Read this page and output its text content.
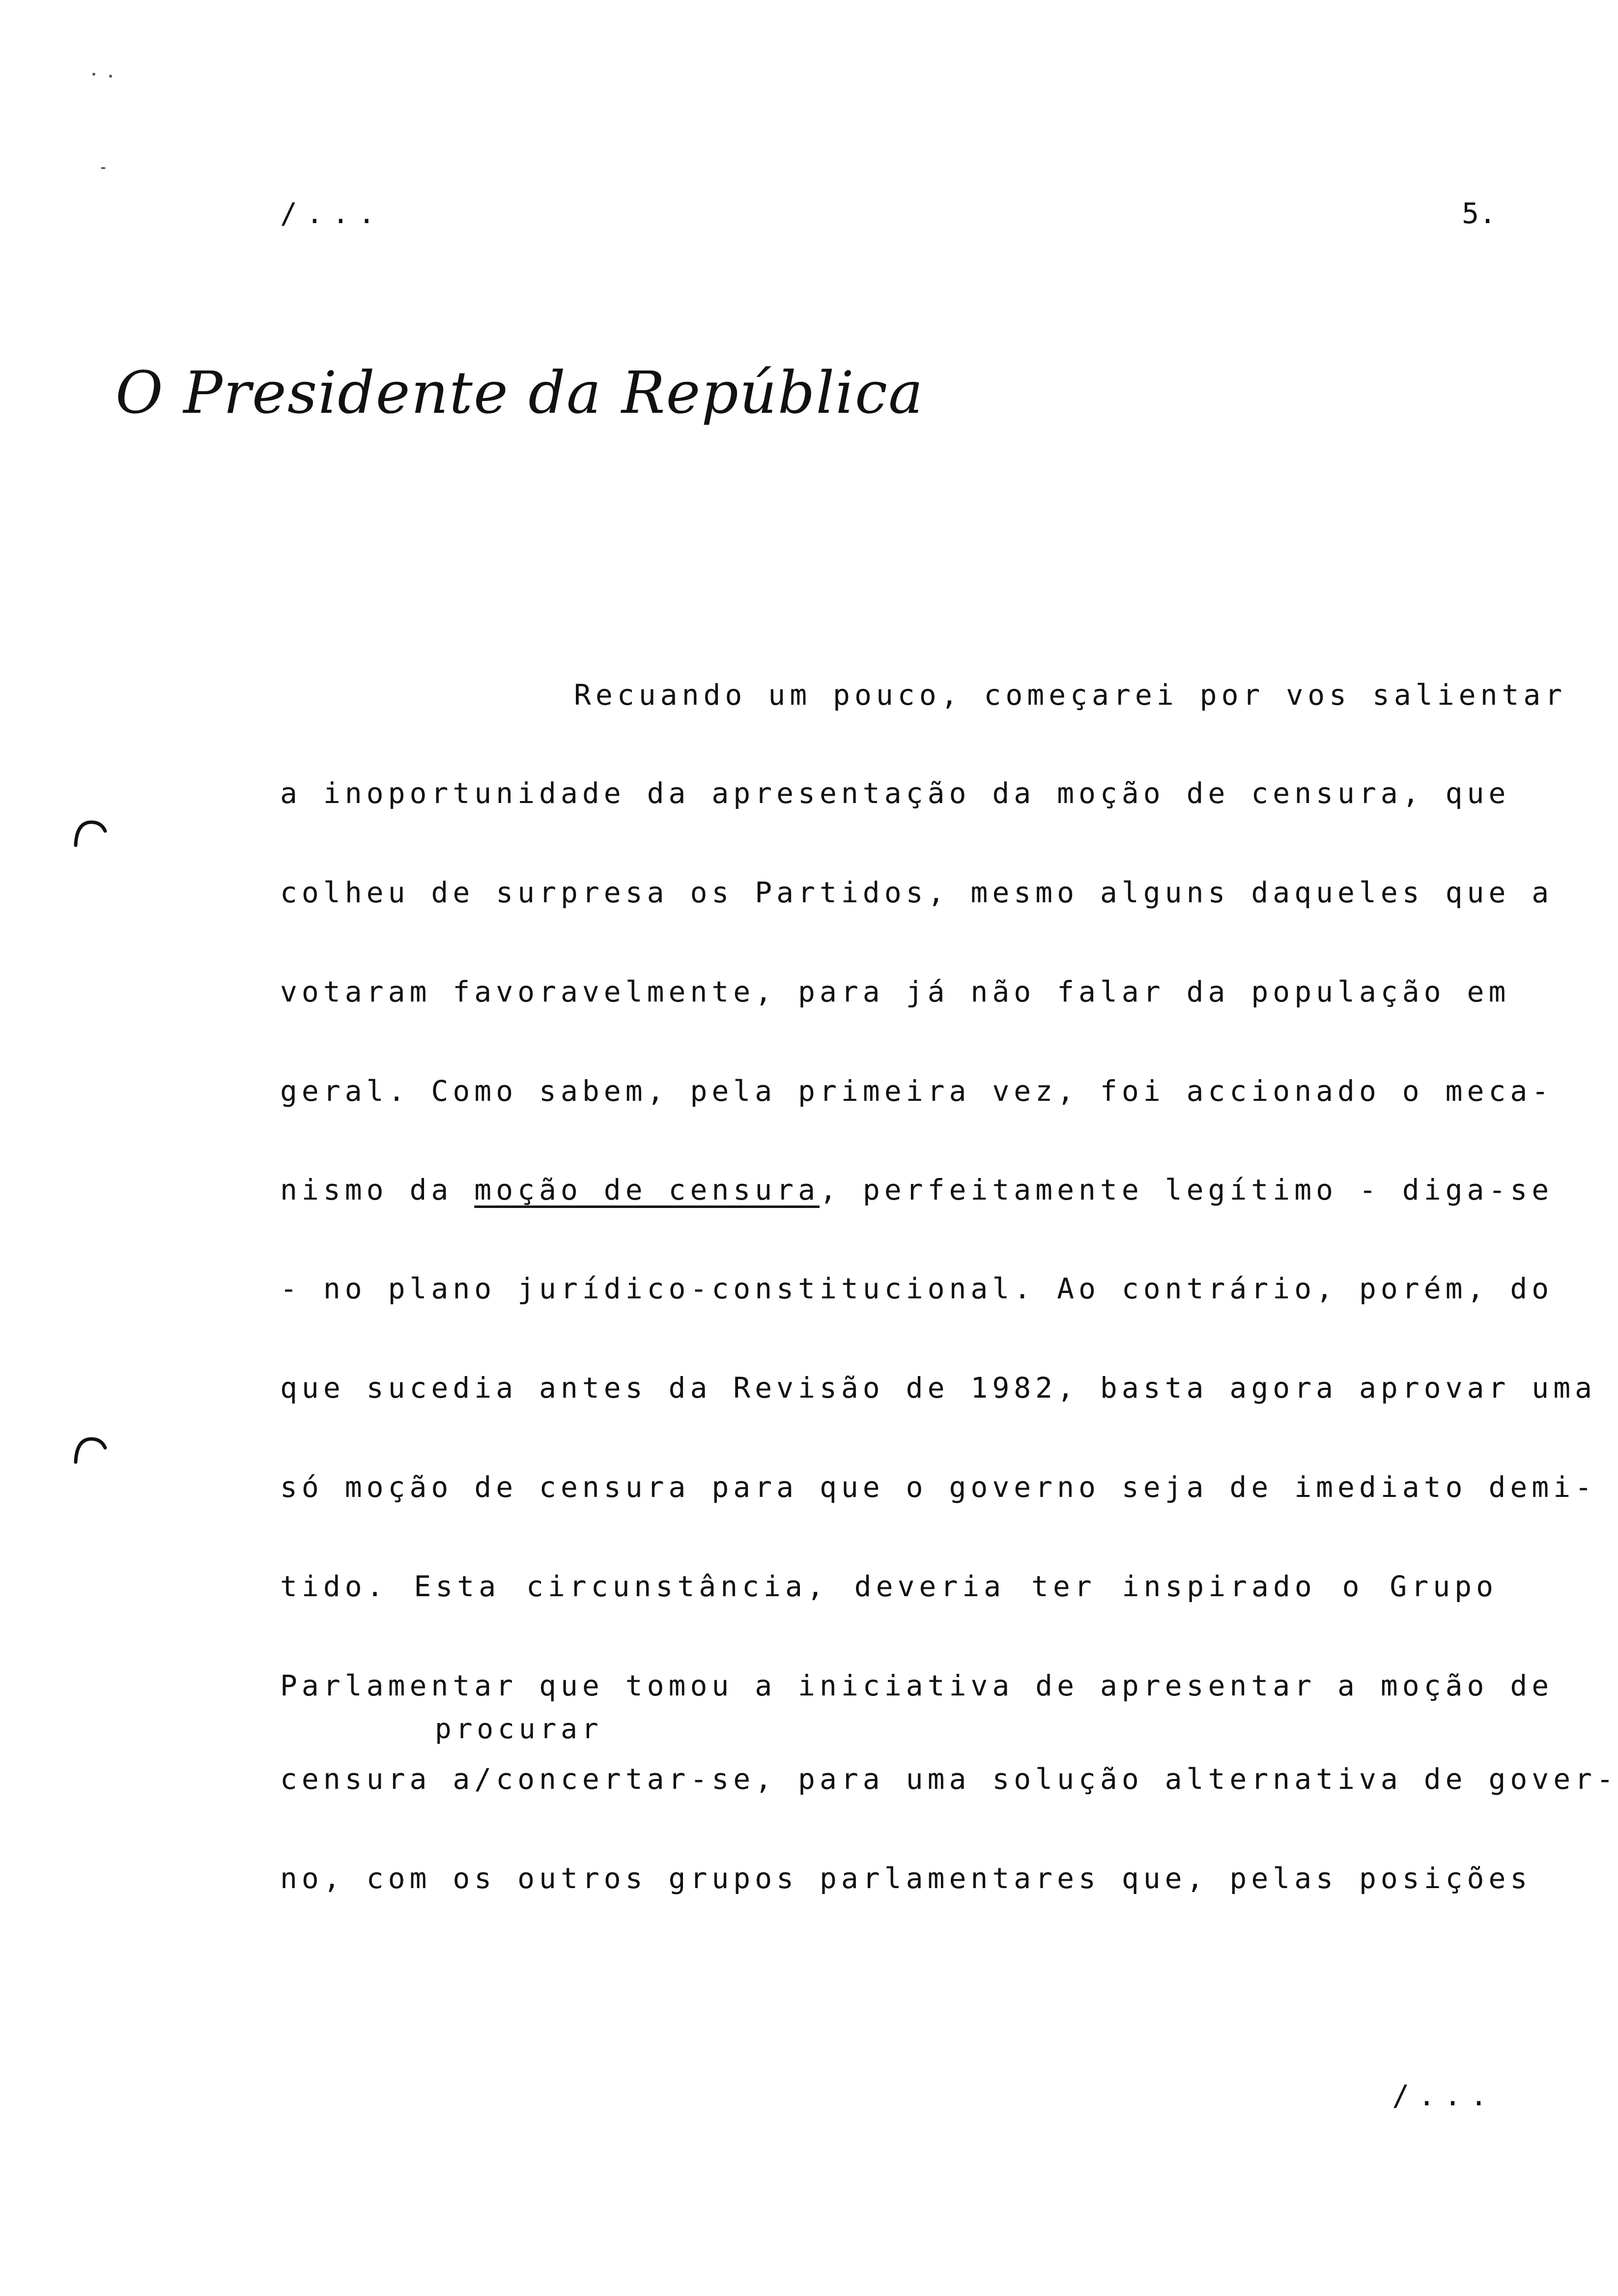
/...	5.
O Presidente da República
Recuando um pouco, começarei por vos salientar
a inoportunidade da apresentação da moção de censura, que
colheu de surpresa os Partidos, mesmo alguns daqueles que a
votaram favoravelmente, para já não falar da população em
geral. Como sabem, pela primeira vez, foi accionado o meca-
nismo da moção de censura, perfeitamente legítimo - diga-se
- no plano jurídico-constitucional. Ao contrário, porém, do
que sucedia antes da Revisão de 1982, basta agora aprovar uma
só moção de censura para que o governo seja de imediato demi-
tido. Esta circunstância, deveria ter inspirado o Grupo
Parlamentar que tomou a iniciativa de apresentar a moção de
procurar
censura a/concertar-se, para uma solução alternativa de gover-
no, com os outros grupos parlamentares que, pelas posições
/...
